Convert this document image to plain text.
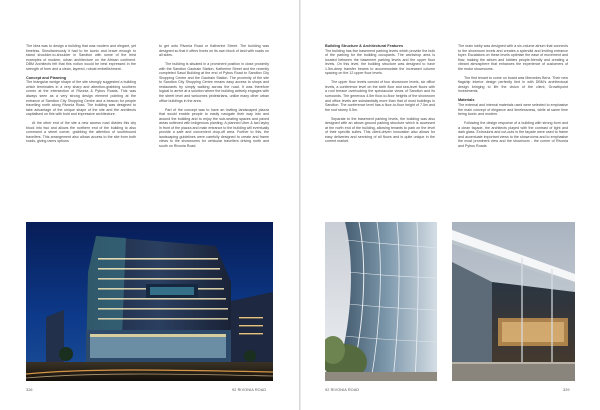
The idea was to design a building that was modern and elegant, yet timeless. Simultaneously it had to be iconic and brave enough to stand shoulder-to-shoulder in Sandton with some of the best examples of modern, urban architecture on the African continent. DBM Architects felt that this notion would be best expressed in the strength of form and a clean, layered, robust embellishment.

Concept and Planning

The triangular wedge shape of the site strongly suggested a building which terminates in a very sharp and attention-grabbing southern corner at the intersection of Rivonia & Pybus Roads. This was always seen as a very strong design element pointing at the entrance of Sandton City Shopping Centre and a beacon for people travelling north along Rivonia Road. The building was designed to take advantage of the unique shape of the site and the architects capitalised on this with bold and impressive architecture.

At the other end of the site a new access road divides this city block into two and allows the northern end of the building to also command a street corner, grabbing the attention of southbound travellers. This arrangement also allows access to the site from both roads, giving users options

to get onto Rivonia Road or Katherine Street. The building was designed so that it offers fronts on its own block of land with roads on all sides.

The building is situated in a prominent position in close proximity with the Sandton Gautrain Station, Katherine Street and the recently completed Sasol Building at the end of Pybus Road to Sandton City Shopping Centre and the Gautrain Station. The proximity of the site to Sandton City Shopping Centre means easy access to shops and restaurants by simply walking across the road. It was therefore logical to arrive at a solution where the building actively engages with the street level and welcomes pedestrians, unlike many other urban office buildings in the area.

Part of the concept was to have an inviting landscaped piazza that would enable people to easily navigate their way into and around the building and to enjoy the sub-seating spaces and paved areas softened with indigenous planting. A planned Uber & taxi layby in front of the piazza and main entrance to the building will eventually provide a safe and convenient drop-off area. Further to this, the landscaping guidelines were carefully designed to create and frame views to the showrooms for vehicular travellers driving north and south on Rivonia Road.

326	92 RIVONIA ROAD
Building Structure & Architectural Features

The building has five basement parking levels which provide the bulk of the parking for the building occupants. The workshop area is located between the basement parking levels and the upper floor levels. On this level, the building structure was designed to have 1.5m-deep transfer beams to accommodate the increased column spacing on the 12 upper floor levels.

The upper floor levels consist of four showroom levels, six office levels, a conference level on the sixth floor and sea-level floors with a roof terrace overlooking the spectacular views of Sandton and its surrounds. The generous 4.5m floor-to-floor heights of the showroom and office levels are substantially more than that of most buildings in Sandton. The conference level has a floor-to-floor height of 7.5m and the roof storey 5.5m.

Separate to the basement parking levels, the building was also designed with an above-ground parking structure which is accessed at the north end of the building, allowing tenants to park on the level of their specific suites. This client-driven innovation also allows for easy deliveries and servicing of all floors and is quite unique in the current market.

The main lobby was designed with a six-volume atrium that connects to the showroom levels and creates a splendid and inviting entrance foyer. Escalators on these levels optimise the ease of movement and flow, making the atrium and lobbies people-friendly and creating a vibrant atmosphere that enhances the experience of customers of the motor showrooms.

The first tenant to come on board was Mercedes Benz. Their new flagship interior design perfectly tied in with DBM's architectural design bringing to life the vision of the client, Growthpoint Investments.

Materials

The external and internal materials used were selected to emphasise the main concept of elegance and timelessness, while at same time being iconic and modern.

Following the design response of a building with strong form and a clean façade, the architects played with the contrast of light and dark glass. Extrusions and cut-outs in the façade were used to frame and accentuate important views to the showrooms and to emphasise the most prominent view and the showroom - the corner of Rivonia and Pybus Roads.

92 RIVONIA ROAD	329
